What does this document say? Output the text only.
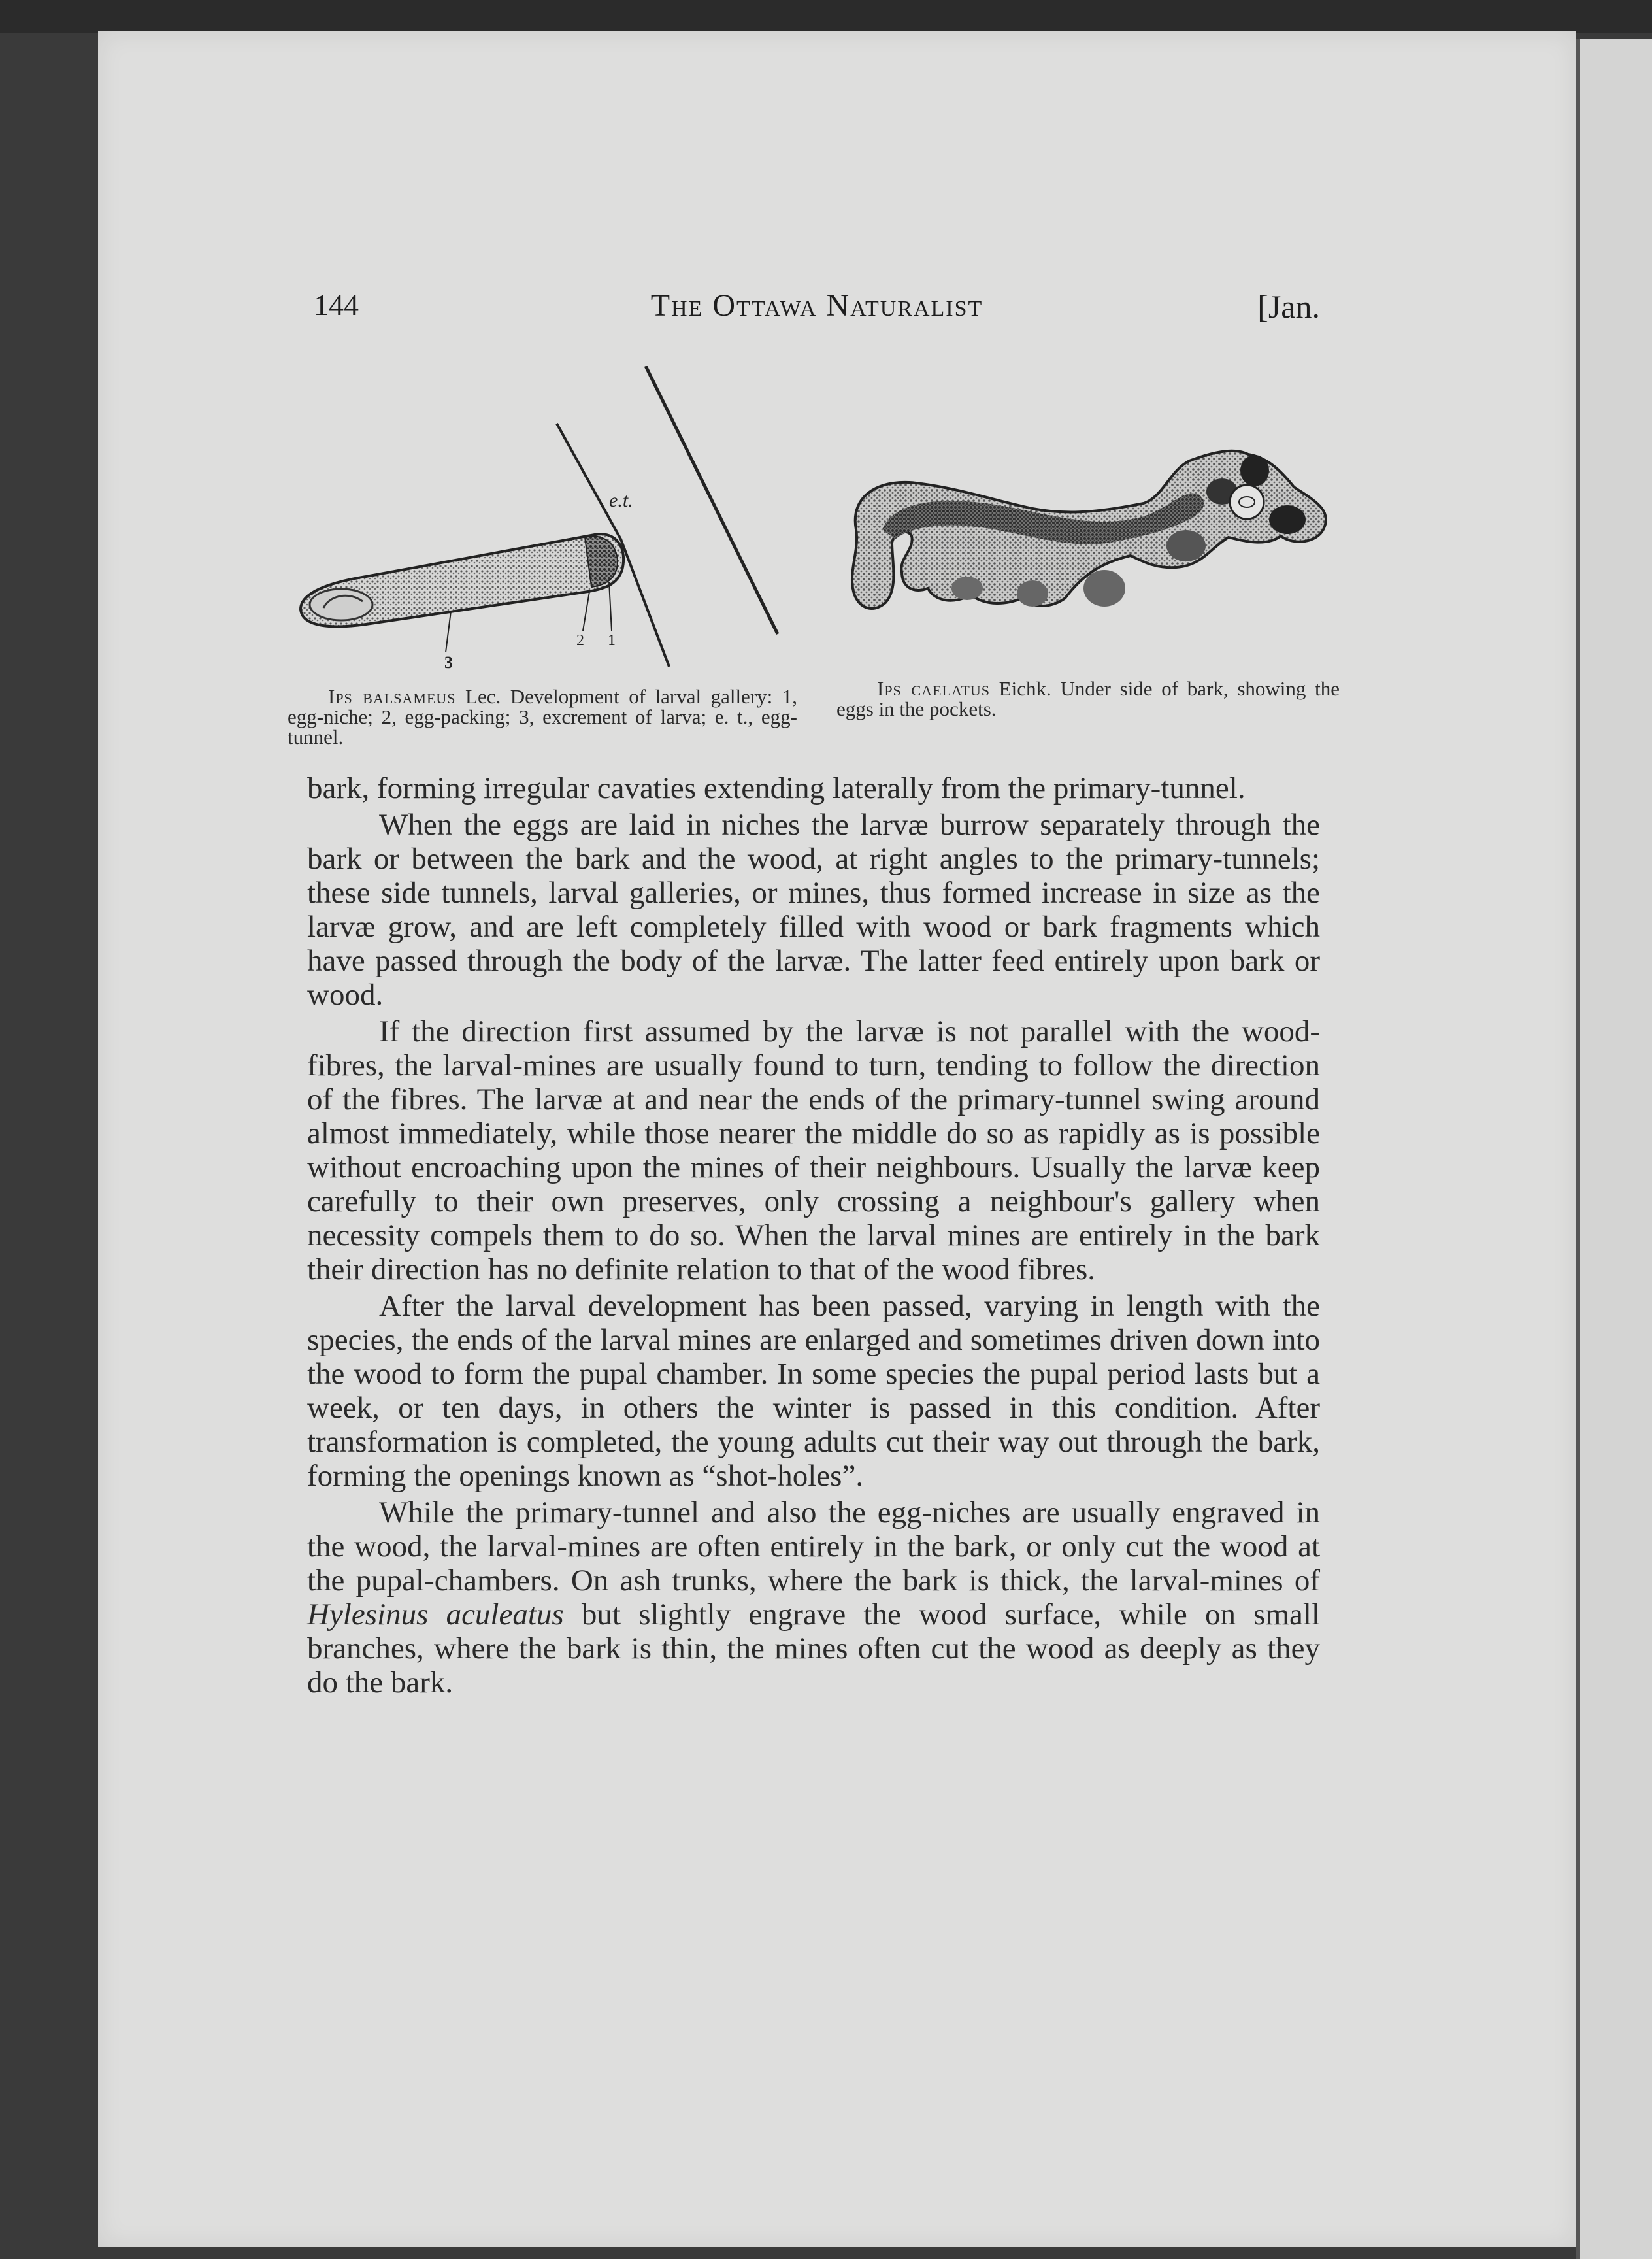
144	The Ottawa Naturalist	[Jan.
e.t.
2 1
3
  Ips balsameus Lec. Development of larval gallery: 1, egg-niche; 2, egg-packing; 3, excrement of larva; e. t., egg-tunnel.
  Ips caelatus Eichk. Under side of bark, showing the eggs in the pockets.

bark, forming irregular cavaties extending laterally from the primary-tunnel.

When the eggs are laid in niches the larvæ burrow separately through the bark or between the bark and the wood, at right angles to the primary-tunnels; these side tunnels, larval galleries, or mines, thus formed increase in size as the larvæ grow, and are left completely filled with wood or bark fragments which have passed through the body of the larvæ. The latter feed entirely upon bark or wood.

If the direction first assumed by the larvæ is not parallel with the wood-fibres, the larval-mines are usually found to turn, tending to follow the direction of the fibres. The larvæ at and near the ends of the primary-tunnel swing around almost immediately, while those nearer the middle do so as rapidly as is possible without encroaching upon the mines of their neighbours. Usually the larvæ keep carefully to their own preserves, only crossing a neighbour's gallery when necessity compels them to do so. When the larval mines are entirely in the bark their direction has no definite relation to that of the wood fibres.

After the larval development has been passed, varying in length with the species, the ends of the larval mines are enlarged and sometimes driven down into the wood to form the pupal chamber. In some species the pupal period lasts but a week, or ten days, in others the winter is passed in this condition. After transformation is completed, the young adults cut their way out through the bark, forming the openings known as “shot-holes”.

While the primary-tunnel and also the egg-niches are usually engraved in the wood, the larval-mines are often entirely in the bark, or only cut the wood at the pupal-chambers. On ash trunks, where the bark is thick, the larval-mines of Hylesinus aculeatus but slightly engrave the wood surface, while on small branches, where the bark is thin, the mines often cut the wood as deeply as they do the bark.
